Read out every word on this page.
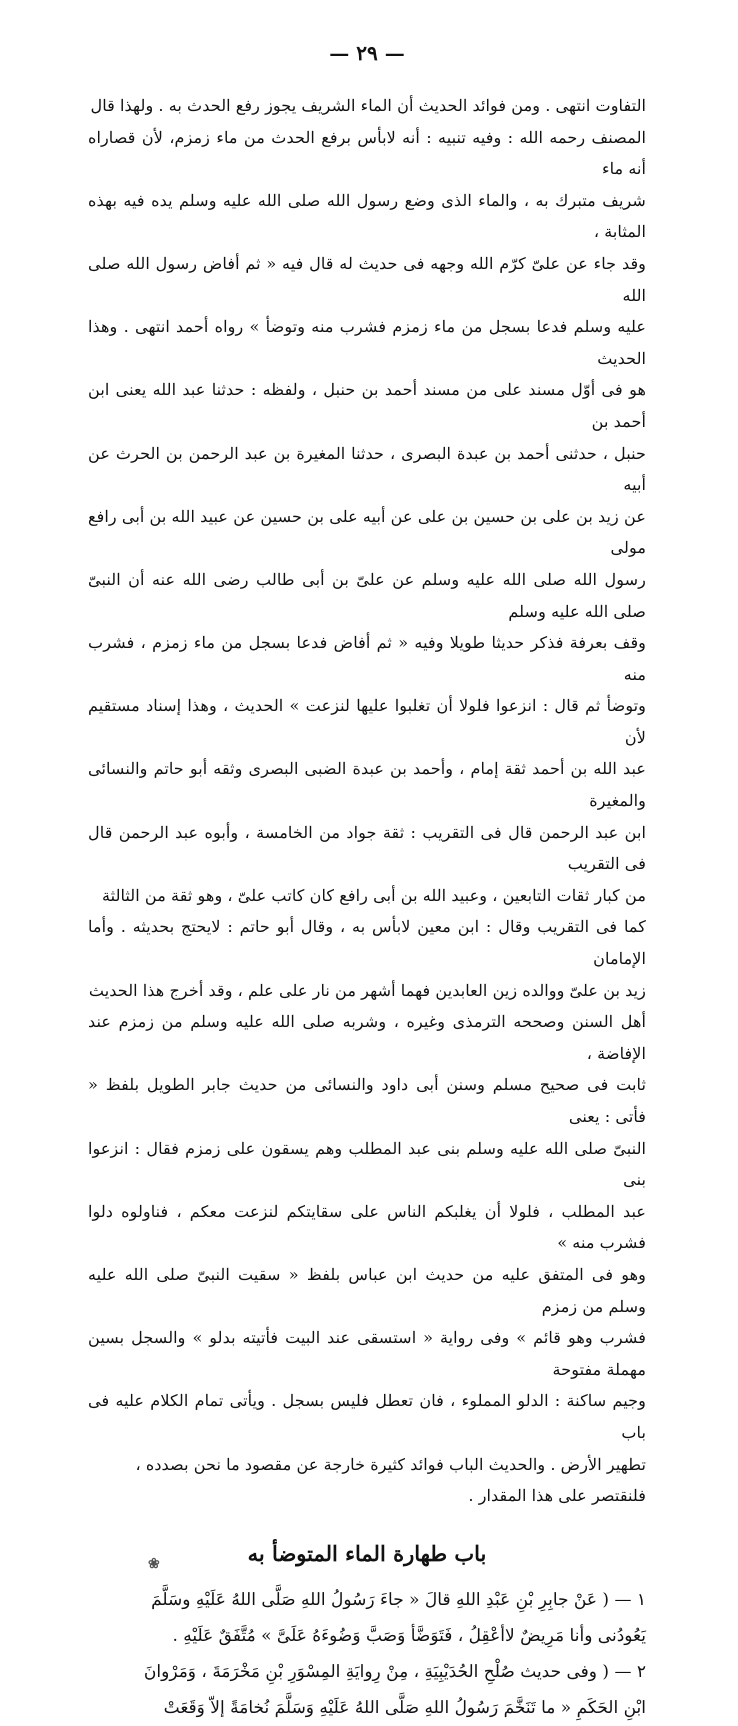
— ٢٩ —

التفاوت انتهى . ومن فوائد الحديث أن الماء الشريف يجوز رفع الحدث به . ولهذا قال

المصنف رحمه الله : وفيه تنبيه : أنه لابأس برفع الحدث من ماء زمزم، لأن قصاراه أنه ماء

شريف متبرك به ، والماء الذى وضع رسول الله صلى الله عليه وسلم يده فيه بهذه المثابة ،

وقد جاء عن علىّ كرّم الله وجهه فى حديث له قال فيه « ثم أفاض رسول الله صلى الله

عليه وسلم فدعا بسجل من ماء زمزم فشرب منه وتوضأ » رواه أحمد انتهى . وهذا الحديث

هو فى أوّل مسند على من مسند أحمد بن حنبل ، ولفظه : حدثنا عبد الله يعنى ابن أحمد بن

حنبل ، حدثنى أحمد بن عبدة البصرى ، حدثنا المغيرة بن عبد الرحمن بن الحرث عن أبيه

عن زيد بن على بن حسين بن على عن أبيه على بن حسين عن عبيد الله بن أبى رافع مولى

رسول الله صلى الله عليه وسلم عن علىّ بن أبى طالب رضى الله عنه أن النبىّ صلى الله عليه وسلم

وقف بعرفة فذكر حديثا طويلا وفيه « ثم أفاض فدعا بسجل من ماء زمزم ، فشرب منه

وتوضأ ثم قال : انزعوا فلولا أن تغلبوا عليها لنزعت » الحديث ، وهذا إسناد مستقيم لأن

عبد الله بن أحمد ثقة إمام ، وأحمد بن عبدة الضبى البصرى وثقه أبو حاتم والنسائى والمغيرة

ابن عبد الرحمن قال فى التقريب : ثقة جواد من الخامسة ، وأبوه عبد الرحمن قال فى التقريب

من كبار ثقات التابعين ، وعبيد الله بن أبى رافع كان كاتب علىّ ، وهو ثقة من الثالثة

كما فى التقريب وقال : ابن معين لابأس به ، وقال أبو حاتم : لايحتج بحديثه . وأما الإمامان

زيد بن علىّ ووالده زين العابدين فهما أشهر من نار على علم ، وقد أخرج هذا الحديث

أهل السنن وصححه الترمذى وغيره ، وشربه صلى الله عليه وسلم من زمزم عند الإفاضة ،

ثابت فى صحيح مسلم وسنن أبى داود والنسائى من حديث جابر الطويل بلفظ « فأتى : يعنى

النبىّ صلى الله عليه وسلم بنى عبد المطلب وهم يسقون على زمزم فقال : انزعوا بنى

عبد المطلب ، فلولا أن يغلبكم الناس على سقايتكم لنزعت معكم ، فناولوه دلوا فشرب منه »

وهو فى المتفق عليه من حديث ابن عباس بلفظ « سقيت النبىّ صلى الله عليه وسلم من زمزم

فشرب وهو قائم » وفى رواية « استسقى عند البيت فأتيته بدلو » والسجل بسين مهملة مفتوحة

وجيم ساكنة : الدلو المملوء ، فان تعطل فليس بسجل . ويأتى تمام الكلام عليه فى باب

تطهير الأرض . والحديث الباب فوائد كثيرة خارجة عن مقصود ما نحن بصدده ،

فلنقتصر على هذا المقدار .

باب طهارة الماء المتوضأ به
❀

١ — ( عَنْ جابِرِ بْنِ عَبْدِ اللهِ قالَ « جاءَ رَسُولُ اللهِ صَلَّى اللهُ عَلَيْهِ وسَلَّمَ

يَعُودُنى وأنا مَرِيضٌ لاأعْقِلُ ، فَتَوَضَّأ وَصَبَّ وَضُوءَهُ عَلَىَّ » مُتَّفَقٌ عَلَيْهِ .

٢ — ( وفى حديث صُلْحِ الحُدَيْبِيَةِ ، مِنْ رِوايَةِ المِسْوَرِ بْنِ مَخْرَمَةَ ، وَمَرْوانَ

ابْنِ الحَكَمِ « ما تَنَخَّمَ رَسُولُ اللهِ صَلَّى اللهُ عَلَيْهِ وَسَلَّمَ نُخامَةً إلاّ وَقَعَتْ
